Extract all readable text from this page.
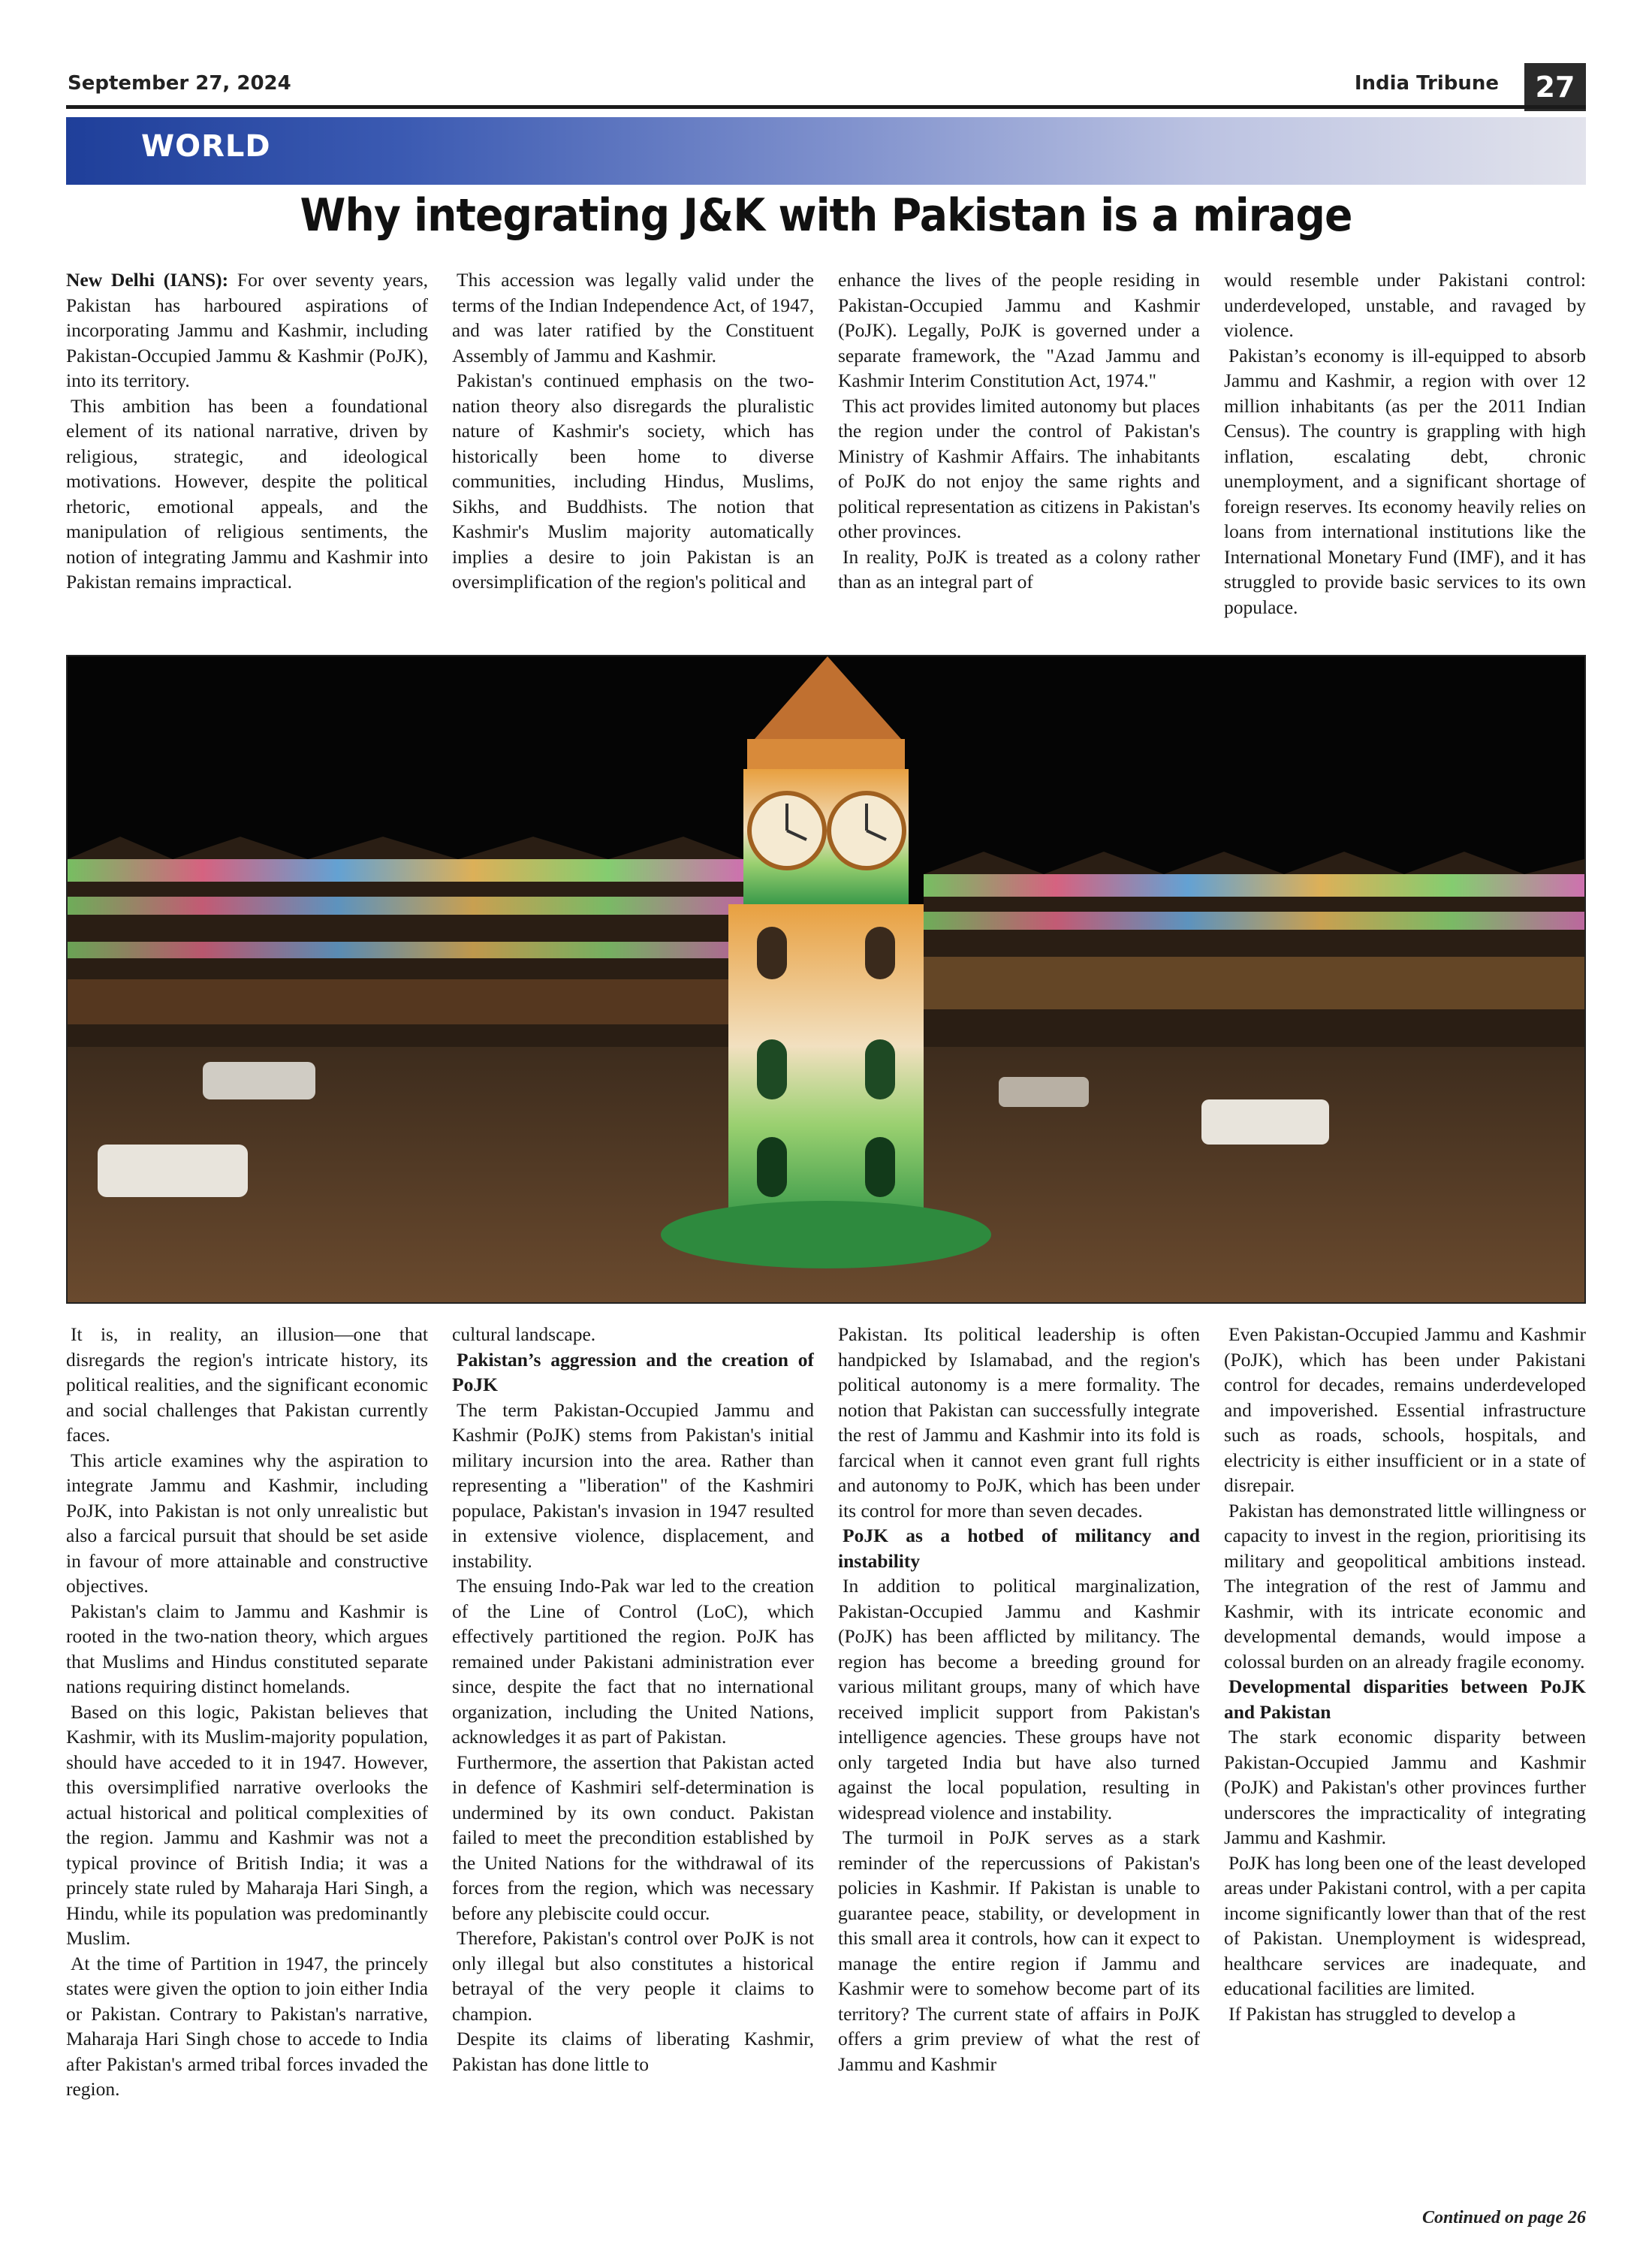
September 27, 2024	India Tribune	27
WORLD
Why integrating J&K with Pakistan is a mirage

New Delhi (IANS): For over seventy years, Pakistan has harboured aspirations of incorporating Jammu and Kashmir, including Pakistan-Occupied Jammu & Kashmir (PoJK), into its territory.

This ambition has been a foundational element of its national narrative, driven by religious, strategic, and ideological motivations. However, despite the political rhetoric, emotional appeals, and the manipulation of religious sentiments, the notion of integrating Jammu and Kashmir into Pakistan remains impractical.

This accession was legally valid under the terms of the Indian Independence Act, of 1947, and was later ratified by the Constituent Assembly of Jammu and Kashmir.

Pakistan's continued emphasis on the two-nation theory also disregards the pluralistic nature of Kashmir's society, which has historically been home to diverse communities, including Hindus, Muslims, Sikhs, and Buddhists. The notion that Kashmir's Muslim majority automatically implies a desire to join Pakistan is an oversimplification of the region's political and

enhance the lives of the people residing in Pakistan-Occupied Jammu and Kashmir (PoJK). Legally, PoJK is governed under a separate framework, the "Azad Jammu and Kashmir Interim Constitution Act, 1974."

This act provides limited autonomy but places the region under the control of Pakistan's Ministry of Kashmir Affairs. The inhabitants of PoJK do not enjoy the same rights and political representation as citizens in Pakistan's other provinces.

In reality, PoJK is treated as a colony rather than as an integral part of

would resemble under Pakistani control: underdeveloped, unstable, and ravaged by violence.

Pakistan’s economy is ill-equipped to absorb Jammu and Kashmir, a region with over 12 million inhabitants (as per the 2011 Indian Census). The country is grappling with high inflation, escalating debt, chronic unemployment, and a significant shortage of foreign reserves. Its economy heavily relies on loans from international institutions like the International Monetary Fund (IMF), and it has struggled to provide basic services to its own populace.

It is, in reality, an illusion—one that disregards the region's intricate history, its political realities, and the significant economic and social challenges that Pakistan currently faces.

This article examines why the aspiration to integrate Jammu and Kashmir, including PoJK, into Pakistan is not only unrealistic but also a farcical pursuit that should be set aside in favour of more attainable and constructive objectives.

Pakistan's claim to Jammu and Kashmir is rooted in the two-nation theory, which argues that Muslims and Hindus constituted separate nations requiring distinct homelands.

Based on this logic, Pakistan believes that Kashmir, with its Muslim-majority population, should have acceded to it in 1947. However, this oversimplified narrative overlooks the actual historical and political complexities of the region. Jammu and Kashmir was not a typical province of British India; it was a princely state ruled by Maharaja Hari Singh, a Hindu, while its population was predominantly Muslim.

At the time of Partition in 1947, the princely states were given the option to join either India or Pakistan. Contrary to Pakistan's narrative, Maharaja Hari Singh chose to accede to India after Pakistan's armed tribal forces invaded the region.

cultural landscape.

Pakistan’s aggression and the creation of PoJK

The term Pakistan-Occupied Jammu and Kashmir (PoJK) stems from Pakistan's initial military incursion into the area. Rather than representing a "liberation" of the Kashmiri populace, Pakistan's invasion in 1947 resulted in extensive violence, displacement, and instability.

The ensuing Indo-Pak war led to the creation of the Line of Control (LoC), which effectively partitioned the region. PoJK has remained under Pakistani administration ever since, despite the fact that no international organization, including the United Nations, acknowledges it as part of Pakistan.

Furthermore, the assertion that Pakistan acted in defence of Kashmiri self-determination is undermined by its own conduct. Pakistan failed to meet the precondition established by the United Nations for the withdrawal of its forces from the region, which was necessary before any plebiscite could occur.

Therefore, Pakistan's control over PoJK is not only illegal but also constitutes a historical betrayal of the very people it claims to champion.

Despite its claims of liberating Kashmir, Pakistan has done little to

Pakistan. Its political leadership is often handpicked by Islamabad, and the region's political autonomy is a mere formality. The notion that Pakistan can successfully integrate the rest of Jammu and Kashmir into its fold is farcical when it cannot even grant full rights and autonomy to PoJK, which has been under its control for more than seven decades.

PoJK as a hotbed of militancy and instability

In addition to political marginalization, Pakistan-Occupied Jammu and Kashmir (PoJK) has been afflicted by militancy. The region has become a breeding ground for various militant groups, many of which have received implicit support from Pakistan's intelligence agencies. These groups have not only targeted India but have also turned against the local population, resulting in widespread violence and instability.

The turmoil in PoJK serves as a stark reminder of the repercussions of Pakistan's policies in Kashmir. If Pakistan is unable to guarantee peace, stability, or development in this small area it controls, how can it expect to manage the entire region if Jammu and Kashmir were to somehow become part of its territory? The current state of affairs in PoJK offers a grim preview of what the rest of Jammu and Kashmir

Even Pakistan-Occupied Jammu and Kashmir (PoJK), which has been under Pakistani control for decades, remains underdeveloped and impoverished. Essential infrastructure such as roads, schools, hospitals, and electricity is either insufficient or in a state of disrepair.

Pakistan has demonstrated little willingness or capacity to invest in the region, prioritising its military and geopolitical ambitions instead. The integration of the rest of Jammu and Kashmir, with its intricate economic and developmental demands, would impose a colossal burden on an already fragile economy.

Developmental disparities between PoJK and Pakistan

The stark economic disparity between Pakistan-Occupied Jammu and Kashmir (PoJK) and Pakistan's other provinces further underscores the impracticality of integrating Jammu and Kashmir.

PoJK has long been one of the least developed areas under Pakistani control, with a per capita income significantly lower than that of the rest of Pakistan. Unemployment is widespread, healthcare services are inadequate, and educational facilities are limited.

If Pakistan has struggled to develop a

Continued on page 26
